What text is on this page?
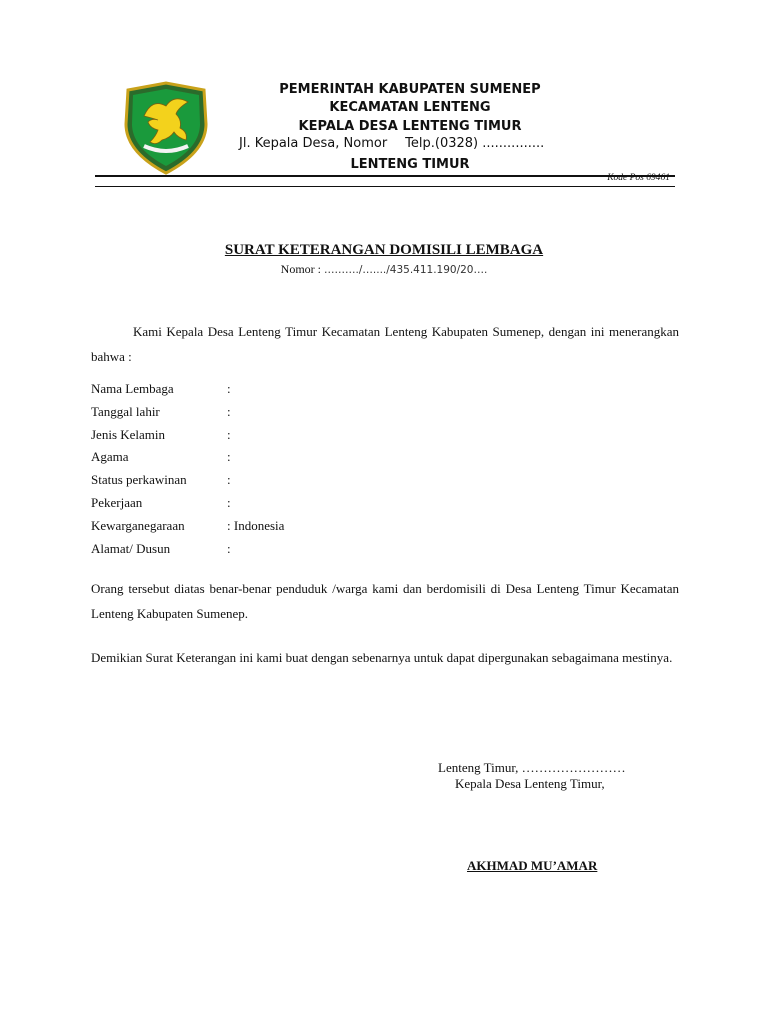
PEMERINTAH KABUPATEN SUMENEP
KECAMATAN LENTENG
KEPALA DESA LENTENG TIMUR
Jl. Kepala Desa, Nomor Telp.(0328) ...............
LENTENG TIMUR
Kode Pos 69461
SURAT KETERANGAN DOMISILI LEMBAGA
Nomor : ………./…..../435.411.190/20….
Kami Kepala Desa Lenteng Timur Kecamatan Lenteng Kabupaten Sumenep, dengan ini menerangkan bahwa :
Nama Lembaga	:
Tanggal lahir	:
Jenis Kelamin	:
Agama	:
Status perkawinan	:
Pekerjaan	:
Kewarganegaraan	: Indonesia
Alamat/ Dusun	:
Orang tersebut diatas benar-benar penduduk /warga kami dan berdomisili di Desa Lenteng Timur Kecamatan Lenteng Kabupaten Sumenep.
Demikian Surat Keterangan ini kami buat dengan sebenarnya untuk dapat dipergunakan sebagaimana mestinya.
Lenteng Timur, ……………………
Kepala Desa Lenteng Timur,
AKHMAD MU’AMAR
